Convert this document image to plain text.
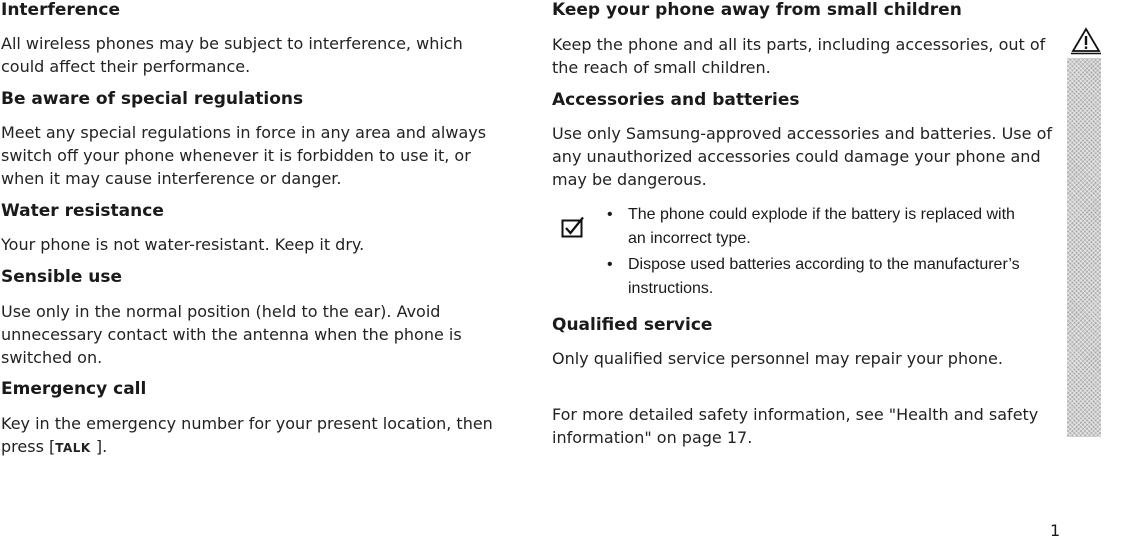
Interference

All wireless phones may be subject to interference, which could affect their performance.

Be aware of special regulations

Meet any special regulations in force in any area and always switch off your phone whenever it is forbidden to use it, or when it may cause interference or danger.

Water resistance

Your phone is not water-resistant. Keep it dry.

Sensible use

Use only in the normal position (held to the ear). Avoid unnecessary contact with the antenna when the phone is switched on.

Emergency call

Key in the emergency number for your present location, then press [TALK ].

Keep your phone away from small children

Keep the phone and all its parts, including accessories, out of the reach of small children.

Accessories and batteries

Use only Samsung-approved accessories and batteries. Use of any unauthorized accessories could damage your phone and may be dangerous.

• The phone could explode if the battery is replaced with an incorrect type.
• Dispose used batteries according to the manufacturer’s instructions.
Qualified service

Only qualified service personnel may repair your phone.

For more detailed safety information, see "Health and safety information" on page 17.

1
